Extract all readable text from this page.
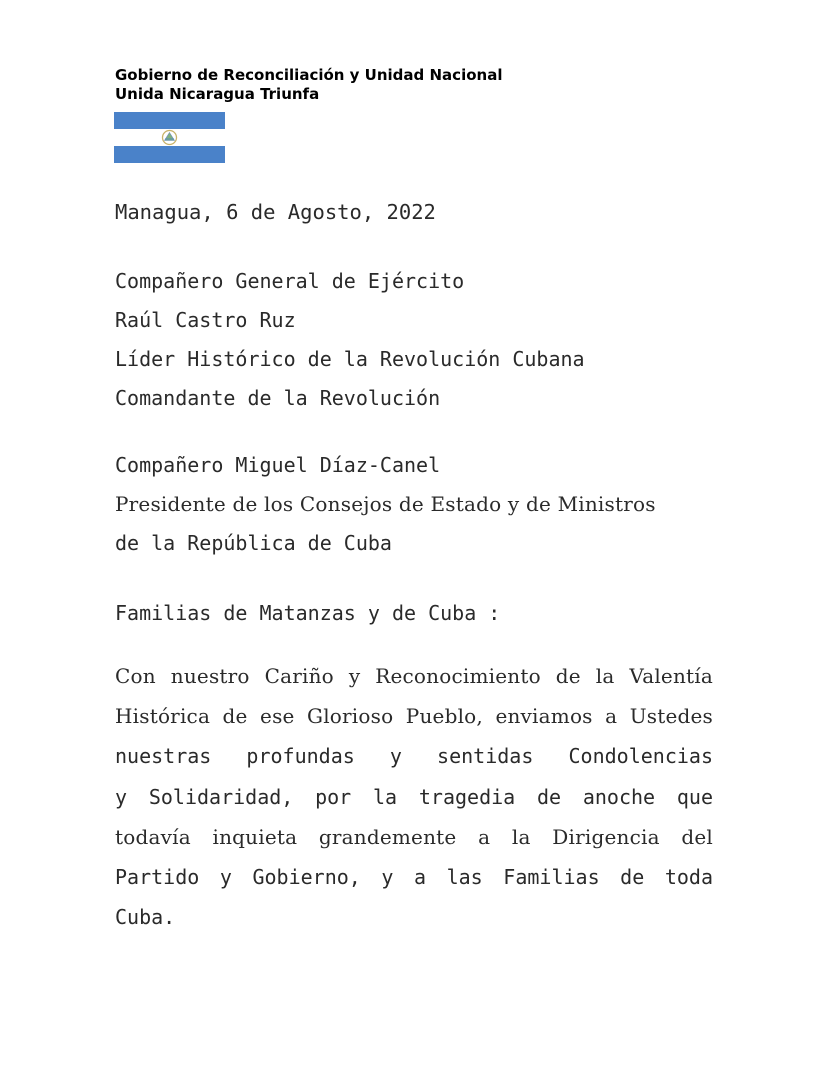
Gobierno de Reconciliación y Unidad Nacional
Unida Nicaragua Triunfa
Managua, 6 de Agosto, 2022
Compañero General de Ejército
Raúl Castro Ruz
Líder Histórico de la Revolución Cubana
Comandante de la Revolución
Compañero Miguel Díaz-Canel
Presidente de los Consejos de Estado y de Ministros
de la República de Cuba
Familias de Matanzas y de Cuba :
Con nuestro Cariño y Reconocimiento de la Valentía
Histórica de ese Glorioso Pueblo, enviamos a Ustedes
nuestras profundas y sentidas Condolencias
y Solidaridad, por la tragedia de anoche que
todavía inquieta grandemente a la Dirigencia del
Partido y Gobierno, y a las Familias de toda
Cuba.
